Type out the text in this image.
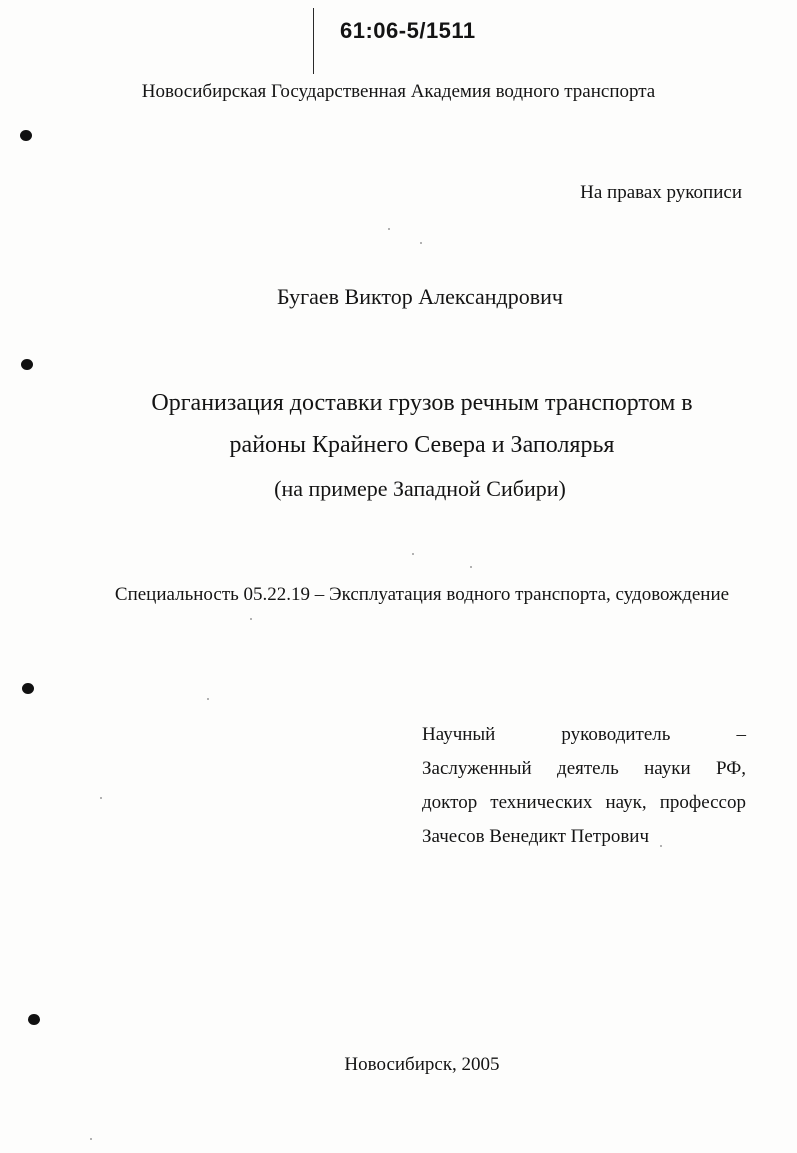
61:06-5/1511
Новосибирская Государственная Академия водного транспорта
На правах рукописи
Бугаев Виктор Александрович
Организация доставки грузов речным транспортом в
районы Крайнего Севера и Заполярья
(на примере Западной Сибири)
Специальность 05.22.19 – Эксплуатация водного транспорта, судовождение
Научный	руководитель	–
Заслуженный деятель науки РФ,
доктор технических наук, профессор
Зачесов Венедикт Петрович
Новосибирск, 2005
